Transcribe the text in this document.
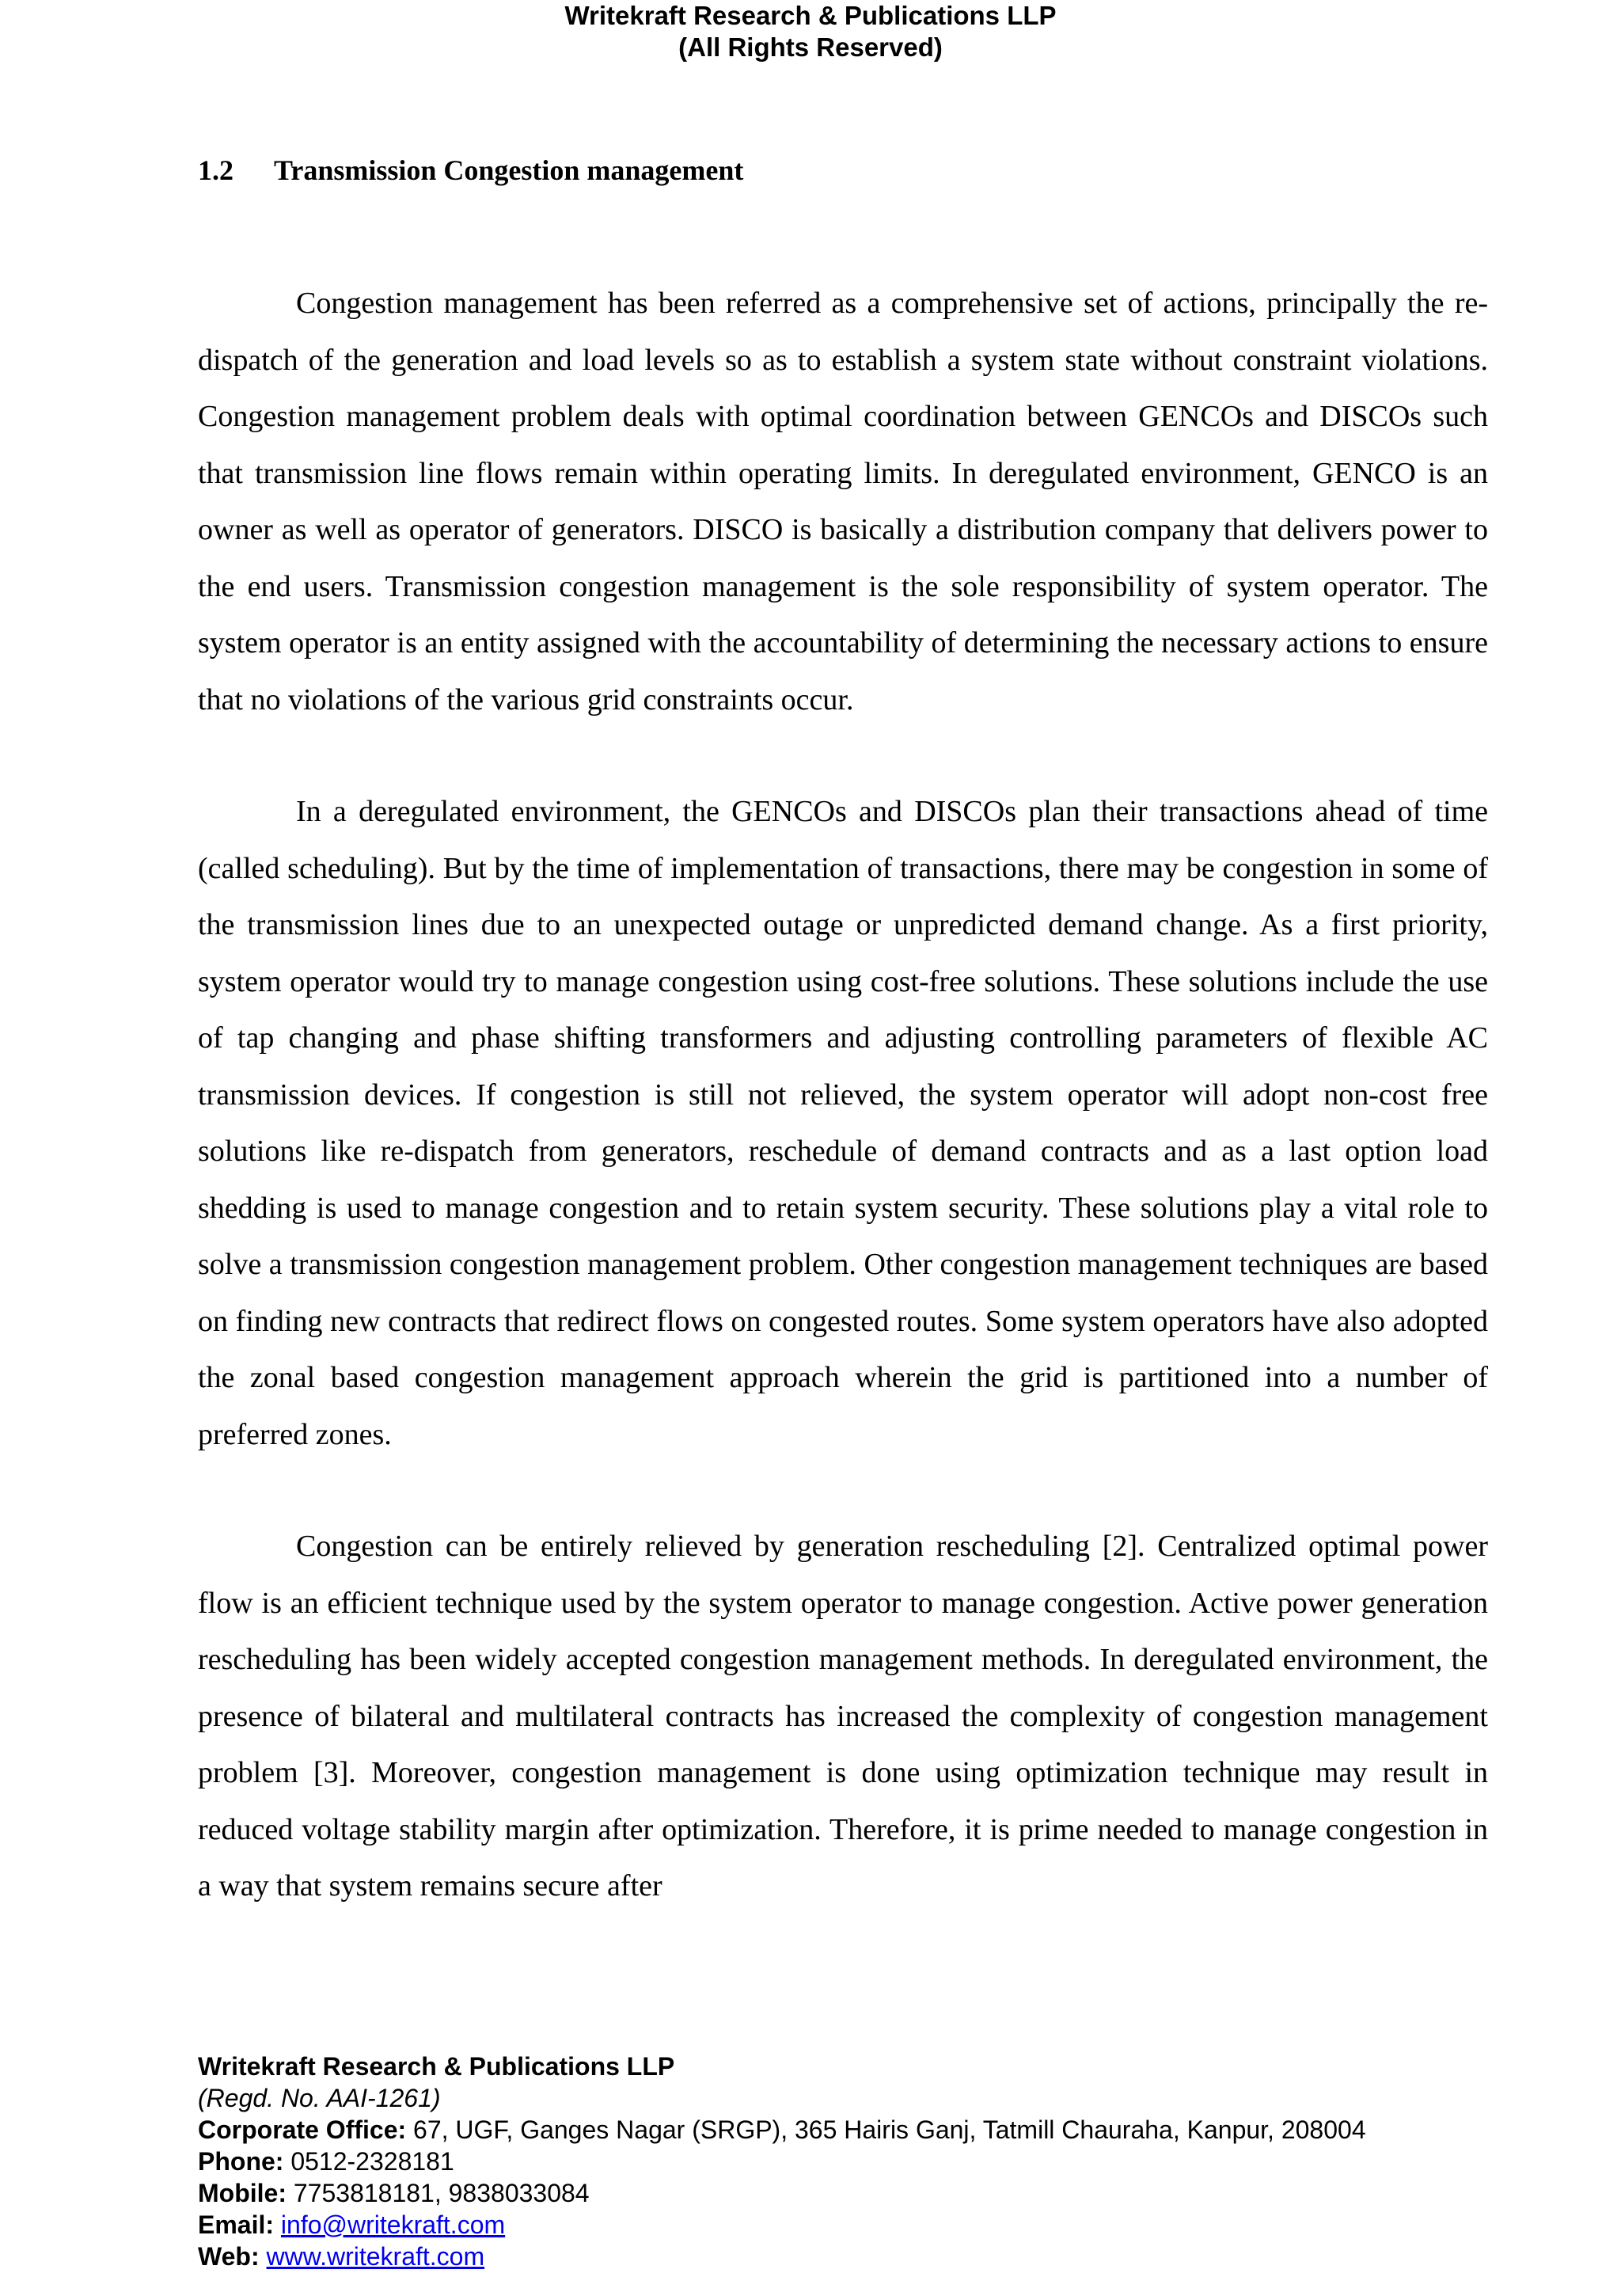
Writekraft Research & Publications LLP
(All Rights Reserved)
1.2 Transmission Congestion management

Congestion management has been referred as a comprehensive set of actions, principally the re-dispatch of the generation and load levels so as to establish a system state without constraint violations. Congestion management problem deals with optimal coordination between GENCOs and DISCOs such that transmission line flows remain within operating limits. In deregulated environment, GENCO is an owner as well as operator of generators. DISCO is basically a distribution company that delivers power to the end users. Transmission congestion management is the sole responsibility of system operator. The system operator is an entity assigned with the accountability of determining the necessary actions to ensure that no violations of the various grid constraints occur.

In a deregulated environment, the GENCOs and DISCOs plan their transactions ahead of time (called scheduling). But by the time of implementation of transactions, there may be congestion in some of the transmission lines due to an unexpected outage or unpredicted demand change. As a first priority, system operator would try to manage congestion using cost-free solutions. These solutions include the use of tap changing and phase shifting transformers and adjusting controlling parameters of flexible AC transmission devices. If congestion is still not relieved, the system operator will adopt non-cost free solutions like re-dispatch from generators, reschedule of demand contracts and as a last option load shedding is used to manage congestion and to retain system security. These solutions play a vital role to solve a transmission congestion management problem. Other congestion management techniques are based on finding new contracts that redirect flows on congested routes. Some system operators have also adopted the zonal based congestion management approach wherein the grid is partitioned into a number of preferred zones.

Congestion can be entirely relieved by generation rescheduling [2]. Centralized optimal power flow is an efficient technique used by the system operator to manage congestion. Active power generation rescheduling has been widely accepted congestion management methods. In deregulated environment, the presence of bilateral and multilateral contracts has increased the complexity of congestion management problem [3]. Moreover, congestion management is done using optimization technique may result in reduced voltage stability margin after optimization. Therefore, it is prime needed to manage congestion in a way that system remains secure after

Writekraft Research & Publications LLP
(Regd. No. AAI-1261)
Corporate Office: 67, UGF, Ganges Nagar (SRGP), 365 Hairis Ganj, Tatmill Chauraha, Kanpur, 208004
Phone: 0512-2328181
Mobile: 7753818181, 9838033084
Email: info@writekraft.com
Web: www.writekraft.com
